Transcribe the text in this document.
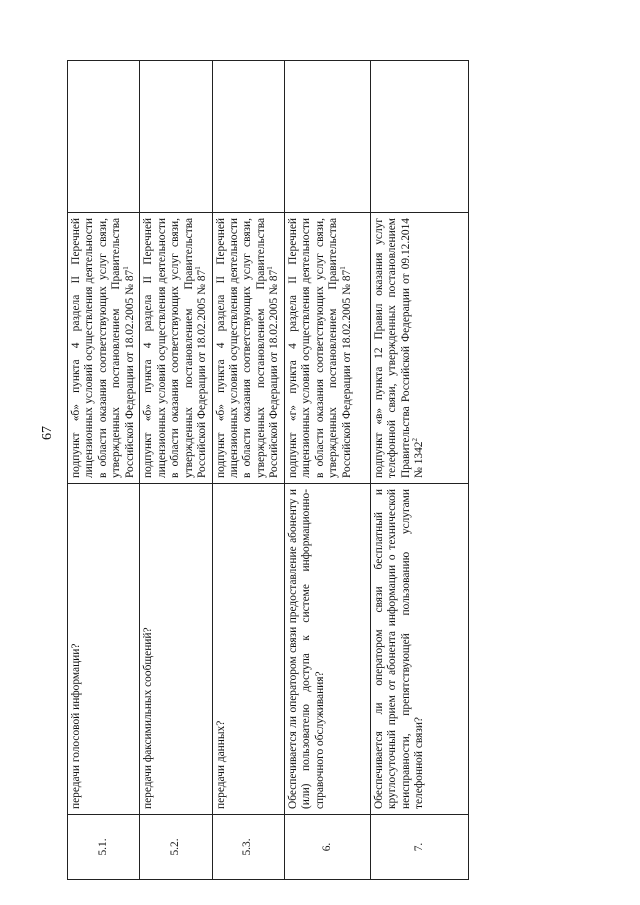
67
5.1.	передачи голосовой информации?	подпункт «б» пункта 4 раздела II Перечней лицензионных условий осуществления деятельности в области оказания соответствующих услуг связи, утвержденных постановлением Правительства Российской Федерации от 18.02.2005 № $87^1$	
5.2.	передачи факсимильных сообщений?	подпункт «б» пункта 4 раздела II Перечней лицензионных условий осуществления деятельности в области оказания соответствующих услуг связи, утвержденных постановлением Правительства Российской Федерации от 18.02.2005 № $87^1$	
5.3.	передачи данных?	подпункт «б» пункта 4 раздела II Перечней лицензионных условий осуществления деятельности в области оказания соответствующих услуг связи, утвержденных постановлением Правительства Российской Федерации от 18.02.2005 № $87^1$	
6.	Обеспечивается ли оператором связи предоставление абоненту и (или) пользователю доступа к системе информационно-справочного обслуживания?	подпункт «г» пункта 4 раздела II Перечней лицензионных условий осуществления деятельности в области оказания соответствующих услуг связи, утвержденных постановлением Правительства Российской Федерации от 18.02.2005 № $87^1$	
7.	Обеспечивается ли оператором связи бесплатный и круглосуточный прием от абонента информации о технической неисправности, препятствующей пользованию услугами телефонной связи?	подпункт «в» пункта 12 Правил оказания услуг телефонной связи, утвержденных постановлением Правительства Российской Федерации от 09.12.2014 № 1342$^2$	
